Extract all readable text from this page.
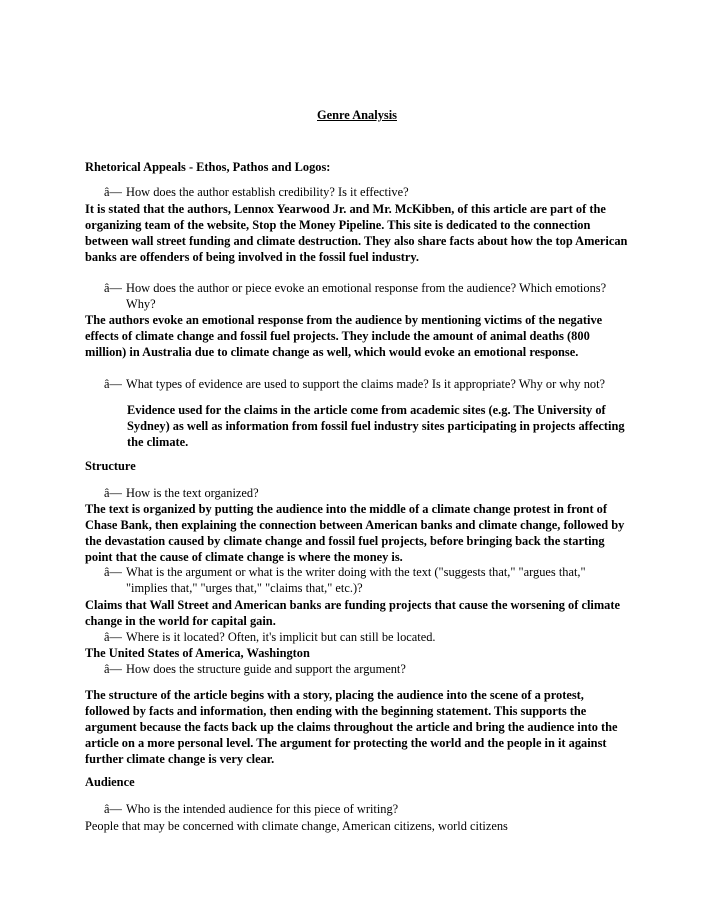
Genre Analysis

Rhetorical Appeals - Ethos, Pathos and Logos:

â— How does the author establish credibility? Is it effective?

It is stated that the authors, Lennox Yearwood Jr. and Mr. McKibben, of this article are part of the organizing team of the website, Stop the Money Pipeline. This site is dedicated to the connection between wall street funding and climate destruction. They also share facts about how the top American banks are offenders of being involved in the fossil fuel industry.

â— How does the author or piece evoke an emotional response from the audience? Which emotions? Why?

The authors evoke an emotional response from the audience by mentioning victims of the negative effects of climate change and fossil fuel projects. They include the amount of animal deaths (800 million) in Australia due to climate change as well, which would evoke an emotional response.

â— What types of evidence are used to support the claims made? Is it appropriate? Why or why not?

Evidence used for the claims in the article come from academic sites (e.g. The University of Sydney) as well as information from fossil fuel industry sites participating in projects affecting the climate.

Structure

â— How is the text organized?

The text is organized by putting the audience into the middle of a climate change protest in front of Chase Bank, then explaining the connection between American banks and climate change, followed by the devastation caused by climate change and fossil fuel projects, before bringing back the starting point that the cause of climate change is where the money is.

â— What is the argument or what is the writer doing with the text ("suggests that," "argues that," "implies that," "urges that," "claims that," etc.)?

Claims that Wall Street and American banks are funding projects that cause the worsening of climate change in the world for capital gain.

â— Where is it located? Often, it's implicit but can still be located.

The United States of America, Washington

â— How does the structure guide and support the argument?

The structure of the article begins with a story, placing the audience into the scene of a protest, followed by facts and information, then ending with the beginning statement. This supports the argument because the facts back up the claims throughout the article and bring the audience into the article on a more personal level. The argument for protecting the world and the people in it against further climate change is very clear.

Audience

â— Who is the intended audience for this piece of writing?

People that may be concerned with climate change, American citizens, world citizens
